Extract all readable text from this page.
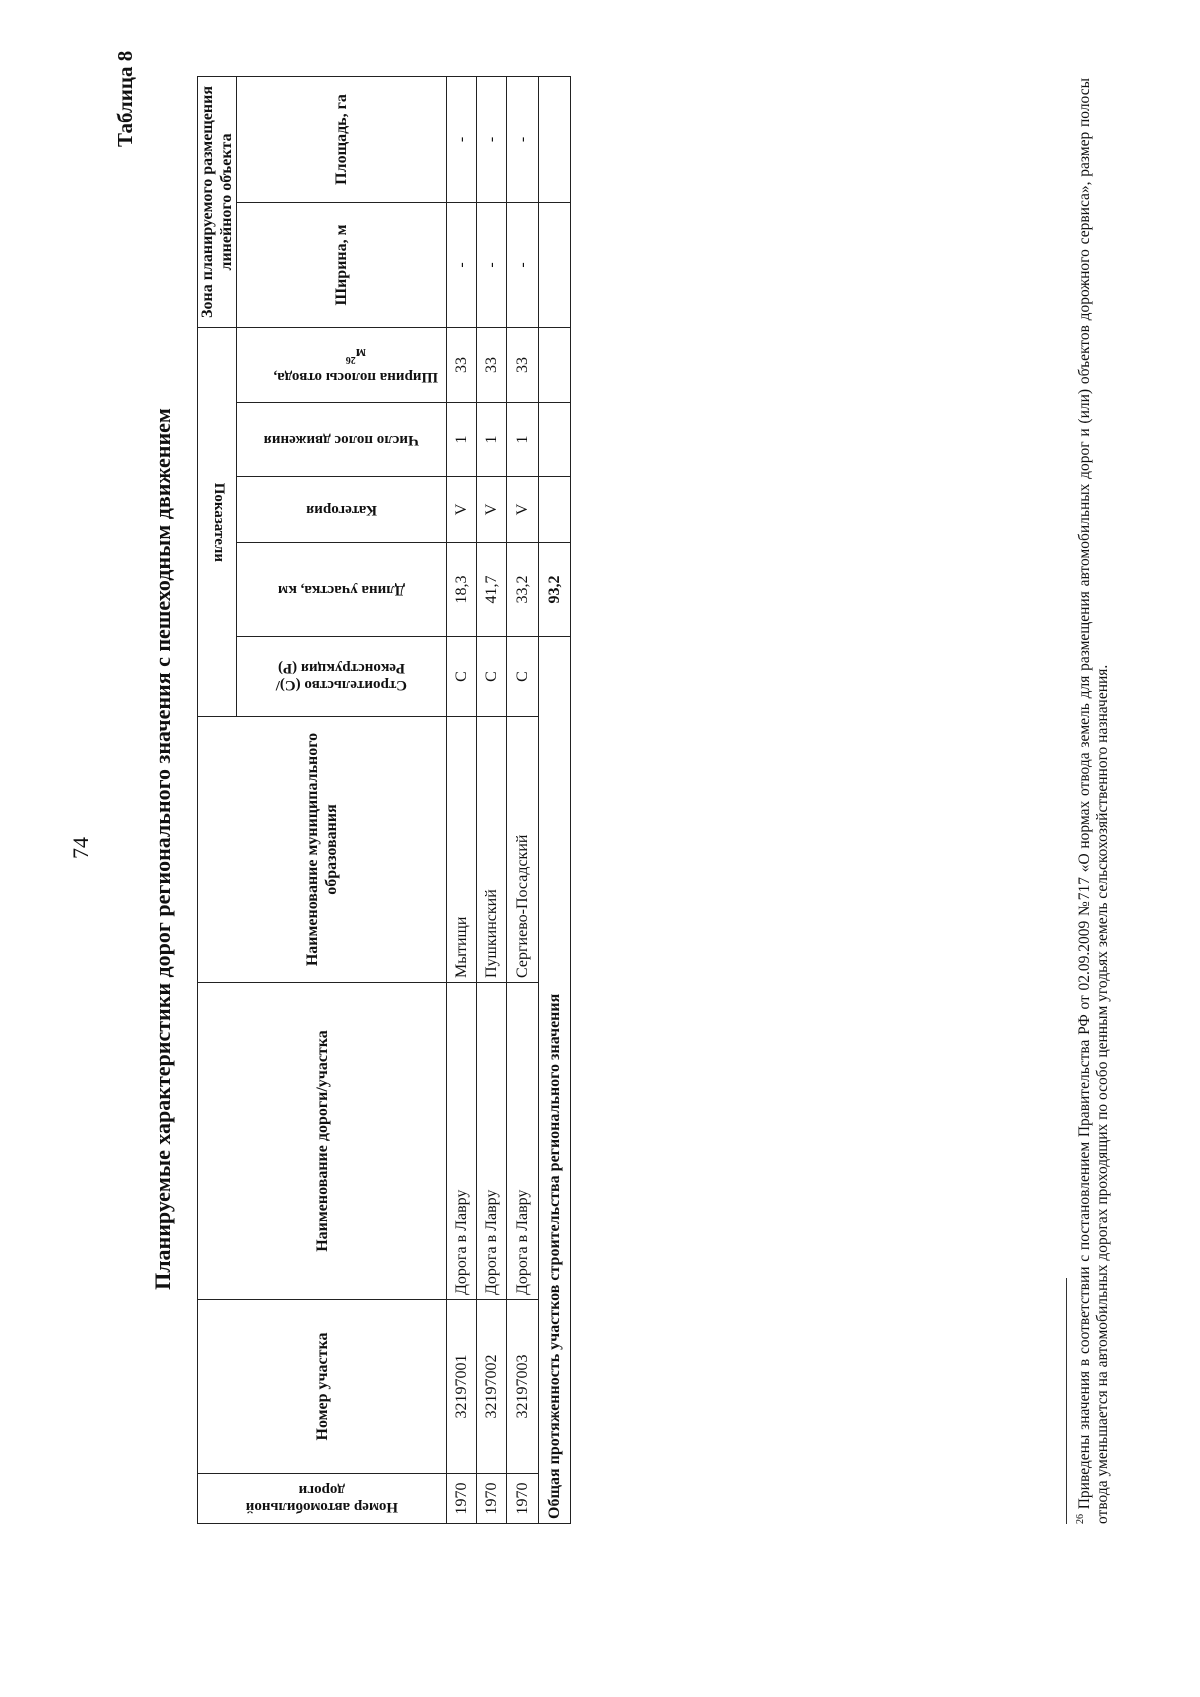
74
Таблица 8
Планируемые характеристики дорог регионального значения с пешеходным движением
Номер автомобильной дороги	Номер участка	Наименование дороги/участка	Наименование муниципального образования	Показатели					Зона планируемого размещения линейного объекта	

				Строительство (С)/ Реконструкция (Р)	Длина участка, км	Категория	Число полос движения		Ширина, м	Площадь, га

								Ширина полосы отвода, $м^{26}$

1970	32197001	Дорога в Лавру	Мытищи	С	18,3	V	1	33	-	-
1970	32197002	Дорога в Лавру	Пушкинский	С	41,7	V	1	33	-	-
1970	32197003	Дорога в Лавру	Сергиево-Посадский	С	33,2	V	1	33	-	-
Общая протяженность участков строительства регионального значения					93,2					
$^{26}$ Приведены значения в соответствии с постановлением Правительства РФ от 02.09.2009 №717 «О нормах отвода земель для размещения автомобильных дорог и (или) объектов дорожного сервиса», размер полосы отвода уменьшается на автомобильных дорогах проходящих по особо ценным угодьях земель сельскохозяйственного назначения.
